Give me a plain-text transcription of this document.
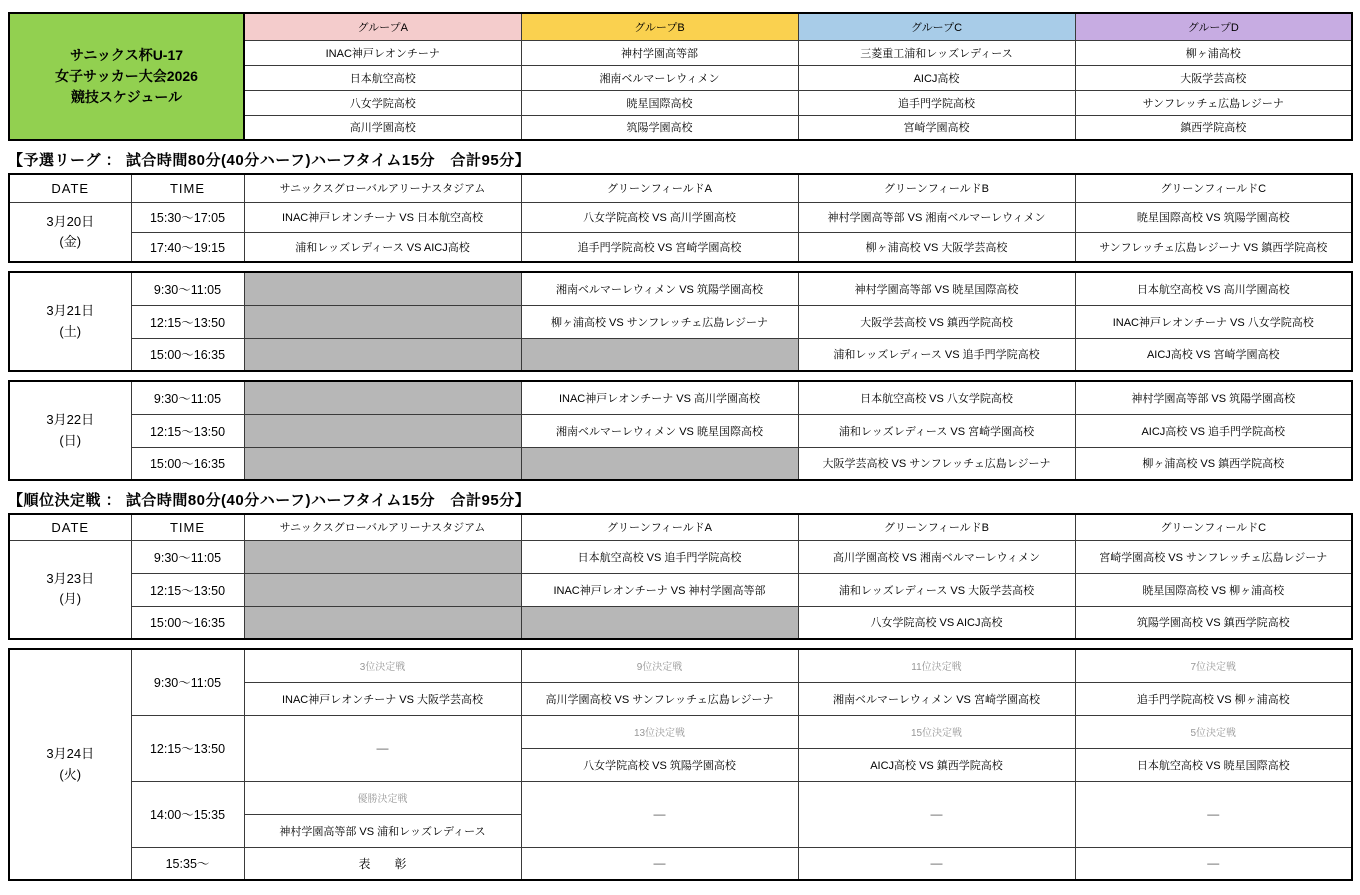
サニックス杯U-17
女子サッカー大会2026
競技スケジュール	グループA	グループB	グループC	グループD
	INAC神戸レオンチーナ	神村学園高等部	三菱重工浦和レッズレディース	柳ヶ浦高校
	日本航空高校	湘南ベルマーレウィメン	AICJ高校	大阪学芸高校
	八女学院高校	暁星国際高校	追手門学院高校	サンフレッチェ広島レジーナ
	高川学園高校	筑陽学園高校	宮崎学園高校	鎮西学院高校
【予選リーグ ： 試合時間80分(40分ハーフ)ハーフタイム15分　合計95分】
DATE	TIME	サニックスグローバルアリーナスタジアム	グリーンフィールドA	グリーンフィールドB	グリーンフィールドC

3月20日
(金)	15:30〜17:05	INAC神戸レオンチーナ VS 日本航空高校	八女学院高校 VS 高川学園高校	神村学園高等部 VS 湘南ベルマーレウィメン	暁星国際高校 VS 筑陽学園高校
	17:40〜19:15	浦和レッズレディース VS AICJ高校	追手門学院高校 VS 宮崎学園高校	柳ヶ浦高校 VS 大阪学芸高校	サンフレッチェ広島レジーナ VS 鎮西学院高校
3月21日
(土)	9:30〜11:05		湘南ベルマーレウィメン VS 筑陽学園高校	神村学園高等部 VS 暁星国際高校	日本航空高校 VS 高川学園高校
	12:15〜13:50		柳ヶ浦高校 VS サンフレッチェ広島レジーナ	大阪学芸高校 VS 鎮西学院高校	INAC神戸レオンチーナ VS 八女学院高校
	15:00〜16:35			浦和レッズレディース VS 追手門学院高校	AICJ高校 VS 宮崎学園高校
3月22日
(日)	9:30〜11:05		INAC神戸レオンチーナ VS 高川学園高校	日本航空高校 VS 八女学院高校	神村学園高等部 VS 筑陽学園高校
	12:15〜13:50		湘南ベルマーレウィメン VS 暁星国際高校	浦和レッズレディース VS 宮崎学園高校	AICJ高校 VS 追手門学院高校
	15:00〜16:35			大阪学芸高校 VS サンフレッチェ広島レジーナ	柳ヶ浦高校 VS 鎮西学院高校
【順位決定戦 ： 試合時間80分(40分ハーフ)ハーフタイム15分　合計95分】
DATE	TIME	サニックスグローバルアリーナスタジアム	グリーンフィールドA	グリーンフィールドB	グリーンフィールドC

3月23日
(月)	9:30〜11:05		日本航空高校 VS 追手門学院高校	高川学園高校 VS 湘南ベルマーレウィメン	宮崎学園高校 VS サンフレッチェ広島レジーナ
	12:15〜13:50		INAC神戸レオンチーナ VS 神村学園高等部	浦和レッズレディース VS 大阪学芸高校	暁星国際高校 VS 柳ヶ浦高校
	15:00〜16:35			八女学院高校 VS AICJ高校	筑陽学園高校 VS 鎮西学院高校
3月24日
(火)	9:30〜11:05	3位決定戦	9位決定戦	11位決定戦	7位決定戦
		INAC神戸レオンチーナ VS 大阪学芸高校	高川学園高校 VS サンフレッチェ広島レジーナ	湘南ベルマーレウィメン VS 宮崎学園高校	追手門学院高校 VS 柳ヶ浦高校
	12:15〜13:50	―	13位決定戦	15位決定戦	5位決定戦
			八女学院高校 VS 筑陽学園高校	AICJ高校 VS 鎮西学院高校	日本航空高校 VS 暁星国際高校
	14:00〜15:35	優勝決定戦	―	―	―
		神村学園高等部 VS 浦和レッズレディース			
	15:35〜	表　　彰	―	―	―
